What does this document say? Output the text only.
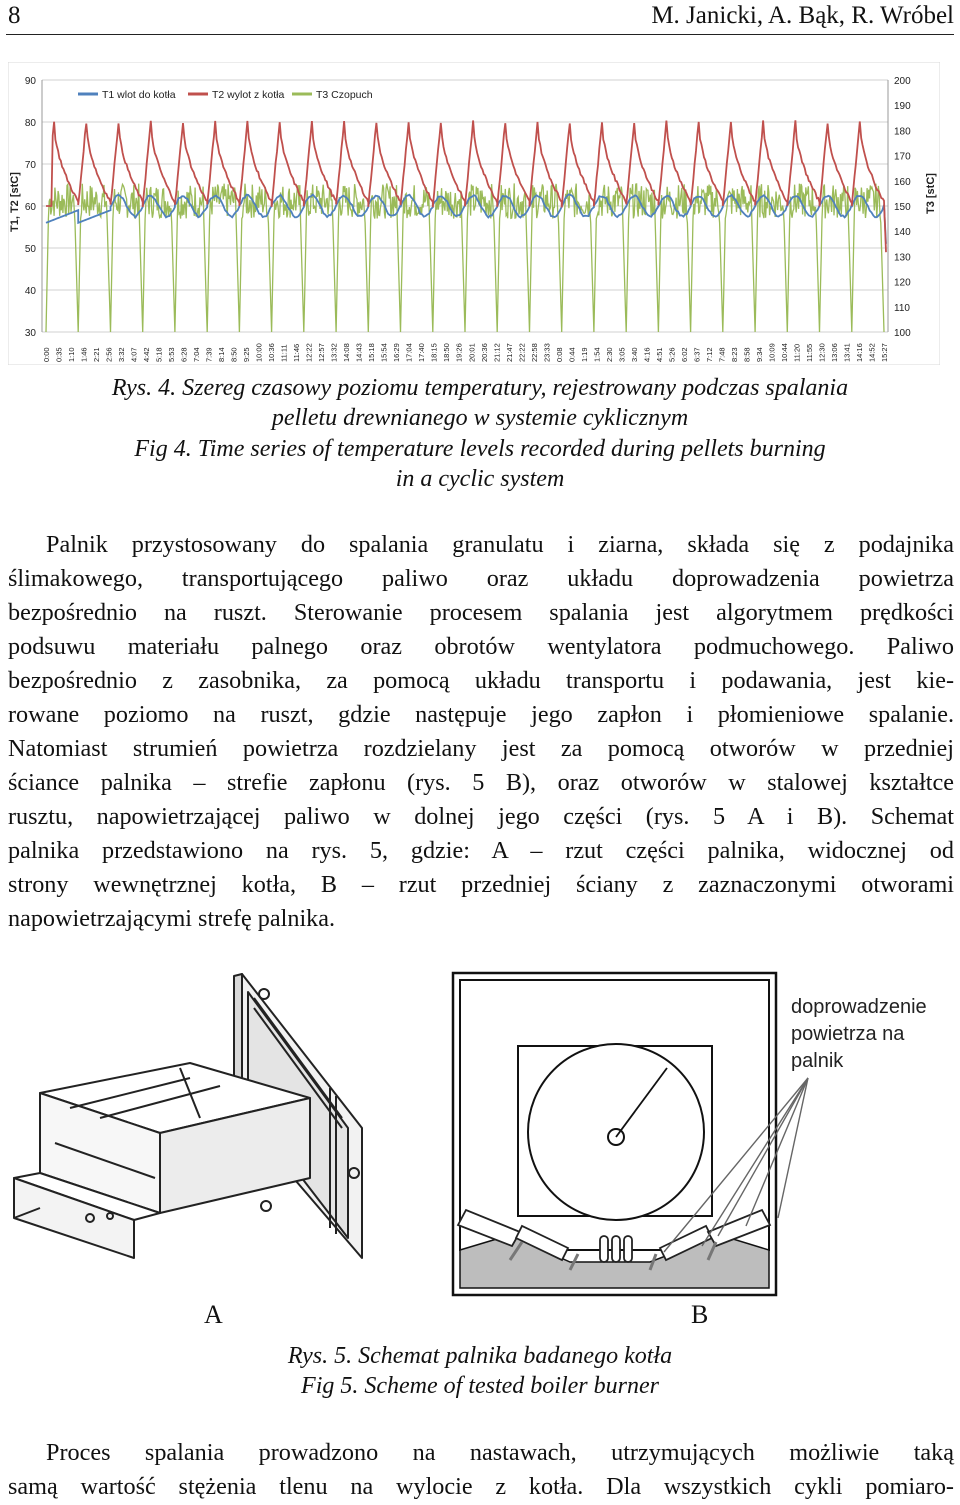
8	M. Janicki, A. Bąk, R. Wróbel
30
40
50
60
70
80
90
100
110
120
130
140
150
160
170
180
190
200
0:00 0:35 1:10 1:46 2:21 2:56 3:32 4:07 4:42 5:18 5:53 6:28 7:04 7:39 8:14 8:50 9:25 10:00 10:36 11:11 11:46 12:22 12:57 13:32 14:08 14:43 15:18 15:54 16:29 17:04 17:40 18:15 18:50 19:26 20:01 20:36 21:12 21:47 22:22 22:58 23:33 0:08 0:44 1:19 1:54 2:30 3:05 3:40 4:16 4:51 5:26 6:02 6:37 7:12 7:48 8:23 8:58 9:34 10:09 10:44 11:20 11:55 12:30 13:06 13:41 14:16 14:52 15:27
T1 wlot do kotła	T2 wylot z kotła	T3 Czopuch
T1, T2 [stC]	T3 [stC]
Rys. 4. Szereg czasowy poziomu temperatury, rejestrowany podczas spalania
pelletu drewnianego w systemie cyklicznym
Fig 4. Time series of temperature levels recorded during pellets burning
in a cyclic system
Palnik przystosowany do spalania granulatu i ziarna, składa się z podajnika
ślimakowego, transportującego paliwo oraz układu doprowadzenia powietrza
bezpośrednio na ruszt. Sterowanie procesem spalania jest algorytmem prędkości
podsuwu materiału palnego oraz obrotów wentylatora podmuchowego. Paliwo
bezpośrednio z zasobnika, za pomocą układu transportu i podawania, jest kie-
rowane poziomo na ruszt, gdzie następuje jego zapłon i płomieniowe spalanie.
Natomiast strumień powietrza rozdzielany jest za pomocą otworów w przedniej
ściance palnika – strefie zapłonu (rys. 5 B), oraz otworów w stalowej kształtce
rusztu, napowietrzającej paliwo w dolnej jego części (rys. 5 A i B). Schemat
palnika przedstawiono na rys. 5, gdzie: A – rzut części palnika, widocznej od
strony wewnętrznej kotła, B – rzut przedniej ściany z zaznaczonymi otworami
napowietrzającymi strefę palnika.
doprowadzenie
powietrza na
palnik
A	B
Rys. 5. Schemat palnika badanego kotła
Fig 5. Scheme of tested boiler burner
Proces spalania prowadzono na nastawach, utrzymujących możliwie taką
samą wartość stężenia tlenu na wylocie z kotła. Dla wszystkich cykli pomiaro-
